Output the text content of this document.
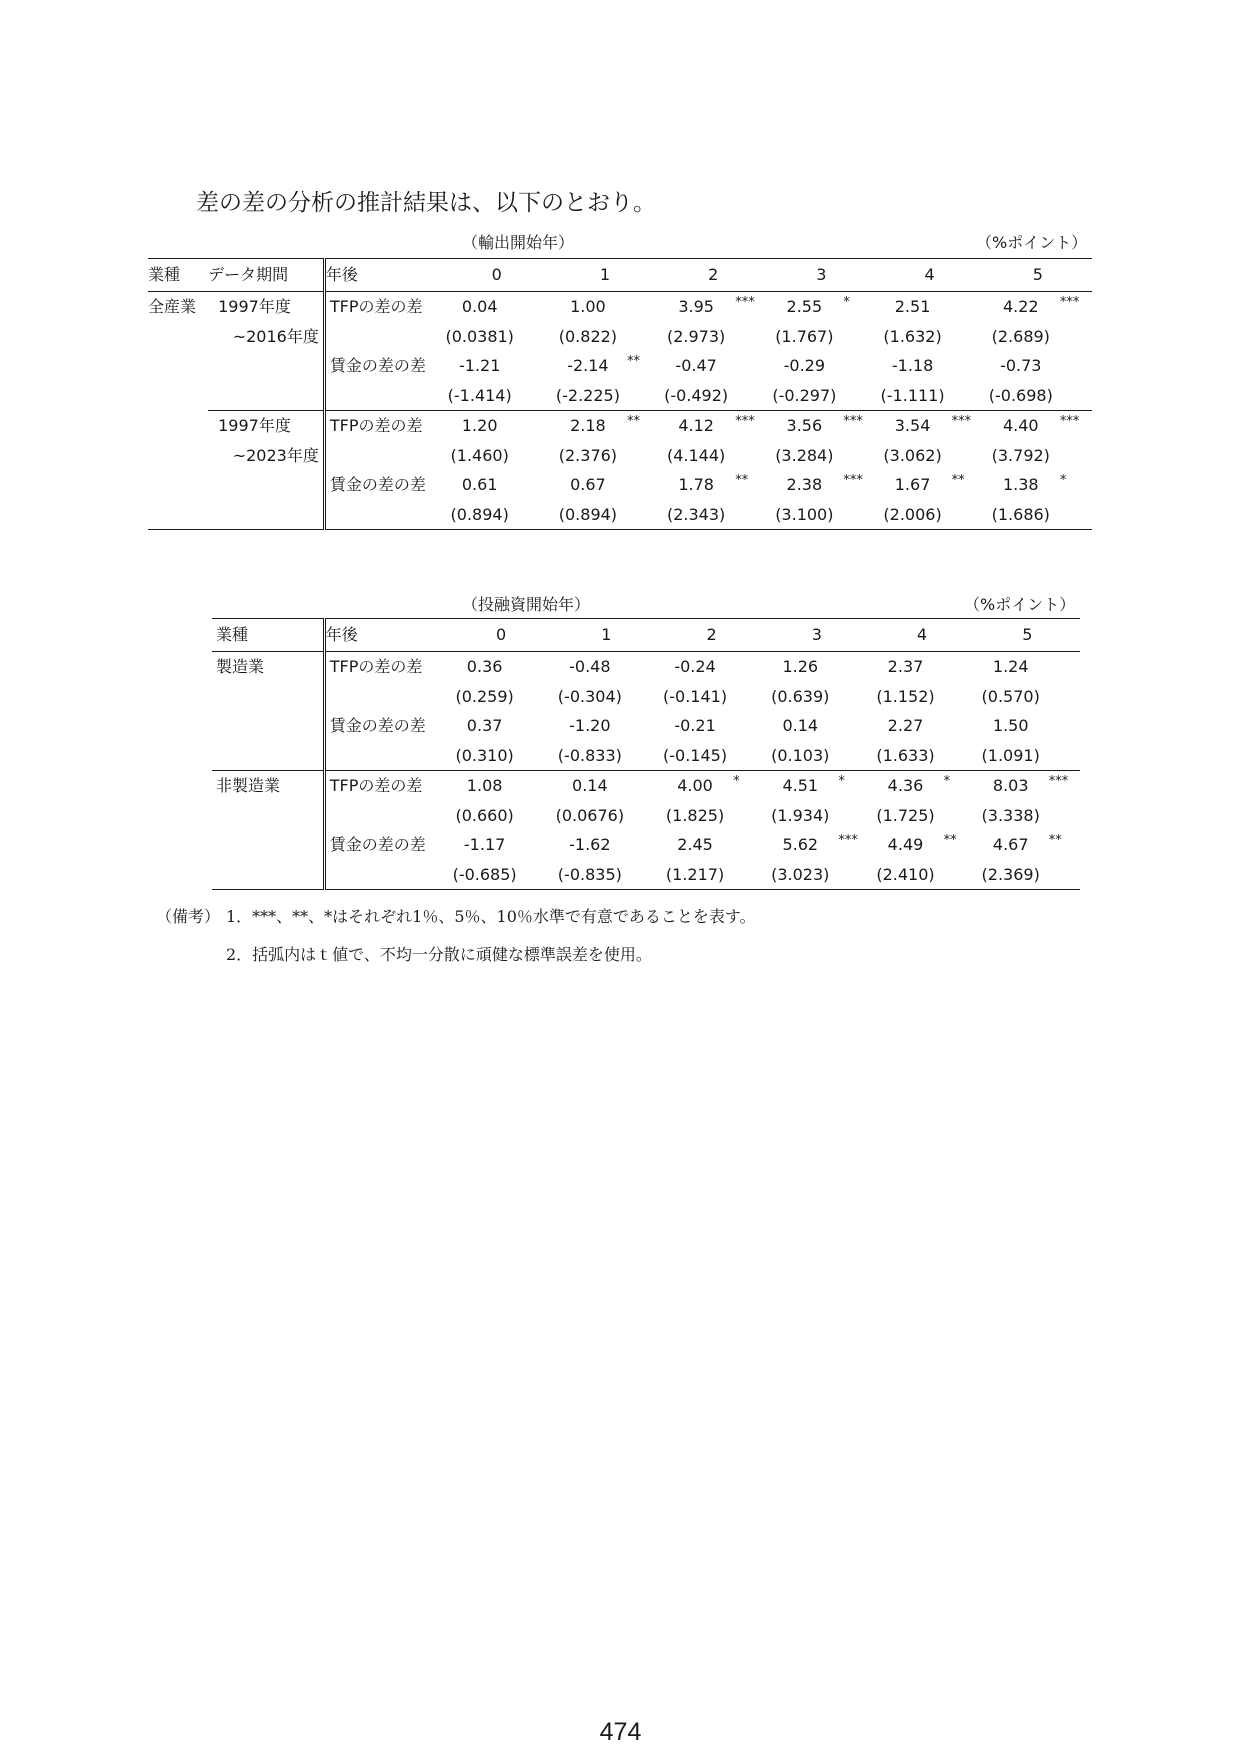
差の差の分析の推計結果は、以下のとおり。
（輸出開始年）	（%ポイント）
業種	データ期間	年後	0		1		2		3		4		5	
全産業	1997年度	TFPの差の差	0.04		1.00		3.95	***	2.55	*	2.51		4.22	***
	~2016年度		(0.0381)		(0.822)		(2.973)		(1.767)		(1.632)		(2.689)	
		賃金の差の差	-1.21		-2.14	**	-0.47		-0.29		-1.18		-0.73	
			(-1.414)		(-2.225)		(-0.492)		(-0.297)		(-1.111)		(-0.698)	
	1997年度	TFPの差の差	1.20		2.18	**	4.12	***	3.56	***	3.54	***	4.40	***
	~2023年度		(1.460)		(2.376)		(4.144)		(3.284)		(3.062)		(3.792)	
		賃金の差の差	0.61		0.67		1.78	**	2.38	***	1.67	**	1.38	*
			(0.894)		(0.894)		(2.343)		(3.100)		(2.006)		(1.686)	
（投融資開始年）	（%ポイント）
業種	年後	0		1		2		3		4		5	
製造業	TFPの差の差	0.36		-0.48		-0.24		1.26		2.37		1.24	
		(0.259)		(-0.304)		(-0.141)		(0.639)		(1.152)		(0.570)	
	賃金の差の差	0.37		-1.20		-0.21		0.14		2.27		1.50	
		(0.310)		(-0.833)		(-0.145)		(0.103)		(1.633)		(1.091)	
非製造業	TFPの差の差	1.08		0.14		4.00	*	4.51	*	4.36	*	8.03	***
		(0.660)		(0.0676)		(1.825)		(1.934)		(1.725)		(3.338)	
	賃金の差の差	-1.17		-1.62		2.45		5.62	***	4.49	**	4.67	**
		(-0.685)		(-0.835)		(1.217)		(3.023)		(2.410)		(2.369)	
（備考） 1．***、**、*はそれぞれ1％、5％、10％水準で有意であることを表す。
2．括弧内はｔ値で、不均一分散に頑健な標準誤差を使用。
474
